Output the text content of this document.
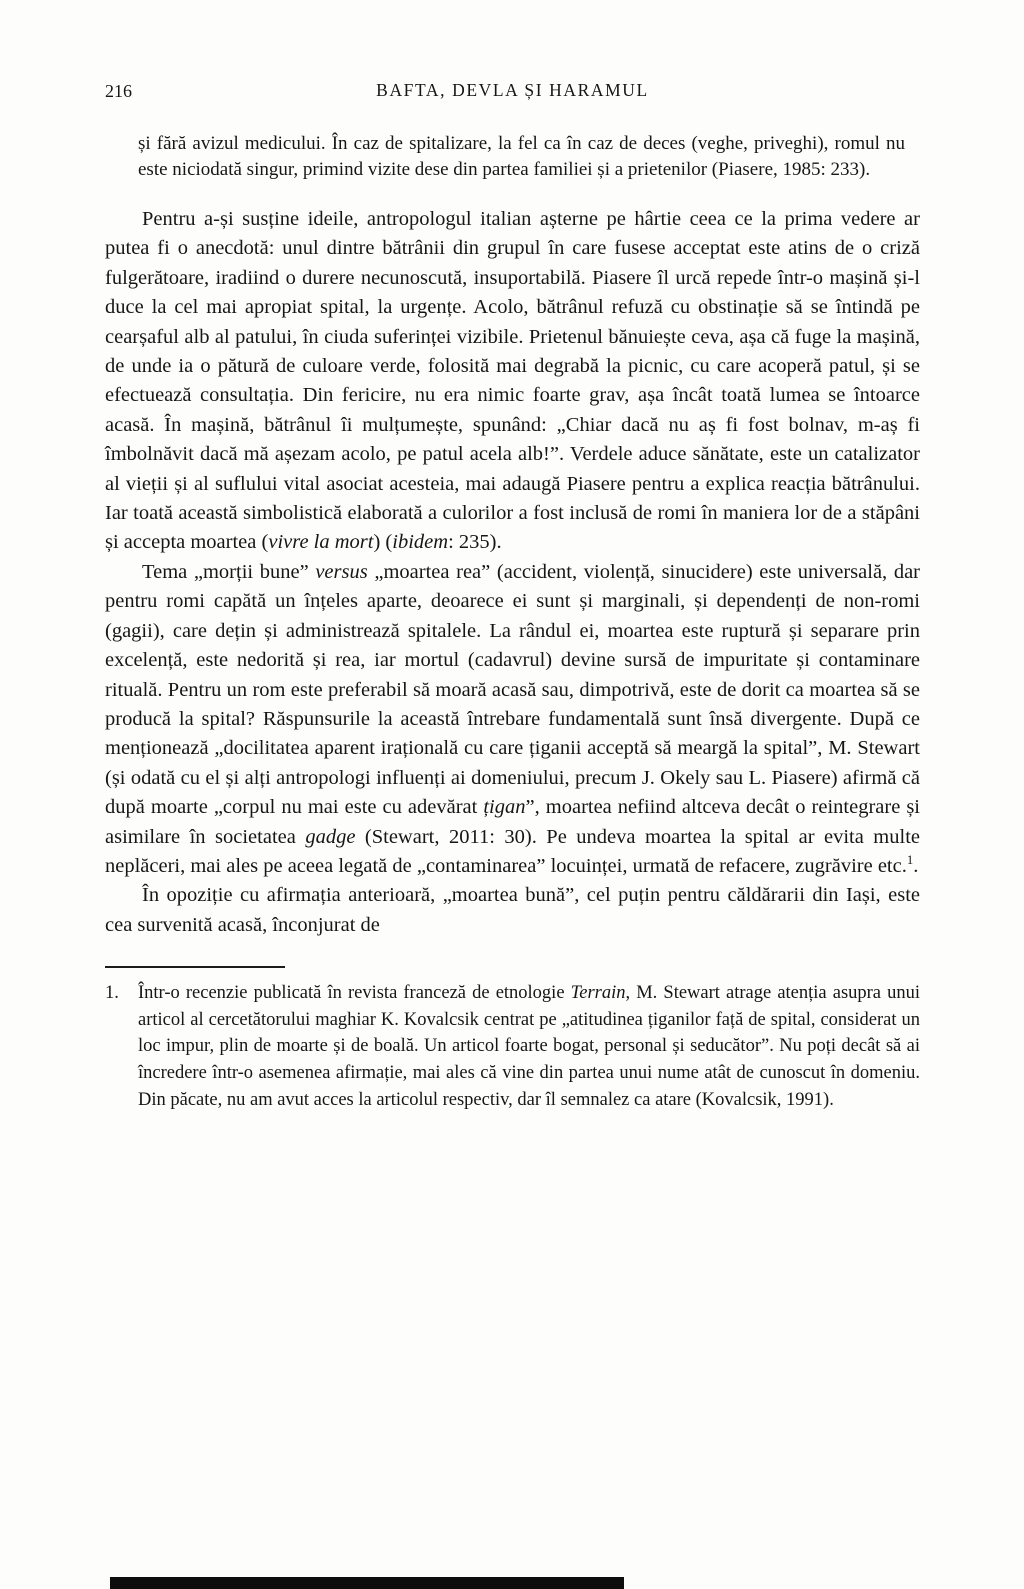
216	BAFTA, DEVLA ȘI HARAMUL

și fără avizul medicului. În caz de spitalizare, la fel ca în caz de deces (veghe, priveghi), romul nu este niciodată singur, primind vizite dese din partea familiei și a prietenilor (Piasere, 1985: 233).

Pentru a-și susține ideile, antropologul italian așterne pe hârtie ceea ce la prima vedere ar putea fi o anecdotă: unul dintre bătrânii din grupul în care fusese acceptat este atins de o criză fulgerătoare, iradiind o durere necunoscută, insuportabilă. Piasere îl urcă repede într-o mașină și-l duce la cel mai apropiat spital, la urgențe. Acolo, bătrânul refuză cu obstinație să se întindă pe cearșaful alb al patului, în ciuda suferinței vizibile. Prietenul bănuiește ceva, așa că fuge la mașină, de unde ia o pătură de culoare verde, folosită mai degrabă la picnic, cu care acoperă patul, și se efectuează consultația. Din fericire, nu era nimic foarte grav, așa încât toată lumea se întoarce acasă. În mașină, bătrânul îi mulțumește, spunând: „Chiar dacă nu aș fi fost bolnav, m-aș fi îmbolnăvit dacă mă așezam acolo, pe patul acela alb!”. Verdele aduce sănătate, este un catalizator al vieții și al suflului vital asociat acesteia, mai adaugă Piasere pentru a explica reacția bătrânului. Iar toată această simbolistică elaborată a culorilor a fost inclusă de romi în maniera lor de a stăpâni și accepta moartea (vivre la mort) (ibidem: 235).

Tema „morții bune” versus „moartea rea” (accident, violență, sinucidere) este universală, dar pentru romi capătă un înțeles aparte, deoarece ei sunt și marginali, și dependenți de non-romi (gagii), care dețin și administrează spitalele. La rândul ei, moartea este ruptură și separare prin excelență, este nedorită și rea, iar mortul (cadavrul) devine sursă de impuritate și contaminare rituală. Pentru un rom este preferabil să moară acasă sau, dimpotrivă, este de dorit ca moartea să se producă la spital? Răspunsurile la această întrebare fundamentală sunt însă divergente. După ce menționează „docilitatea aparent irațională cu care țiganii acceptă să meargă la spital”, M. Stewart (și odată cu el și alți antropologi influenți ai domeniului, precum J. Okely sau L. Piasere) afirmă că după moarte „corpul nu mai este cu adevărat țigan”, moartea nefiind altceva decât o reintegrare și asimilare în societatea gadge (Stewart, 2011: 30). Pe undeva moartea la spital ar evita multe neplăceri, mai ales pe aceea legată de „contaminarea” locuinței, urmată de refacere, zugrăvire etc.$^1$.

În opoziție cu afirmația anterioară, „moartea bună”, cel puțin pentru căldărarii din Iași, este cea survenită acasă, înconjurat de

1.	Într-o recenzie publicată în revista franceză de etnologie Terrain, M. Stewart atrage atenția asupra unui articol al cercetătorului maghiar K. Kovalcsik centrat pe „atitudinea țiganilor față de spital, considerat un loc impur, plin de moarte și de boală. Un articol foarte bogat, personal și seducător”. Nu poți decât să ai încredere într-o asemenea afirmație, mai ales că vine din partea unui nume atât de cunoscut în domeniu. Din păcate, nu am avut acces la articolul respectiv, dar îl semnalez ca atare (Kovalcsik, 1991).
